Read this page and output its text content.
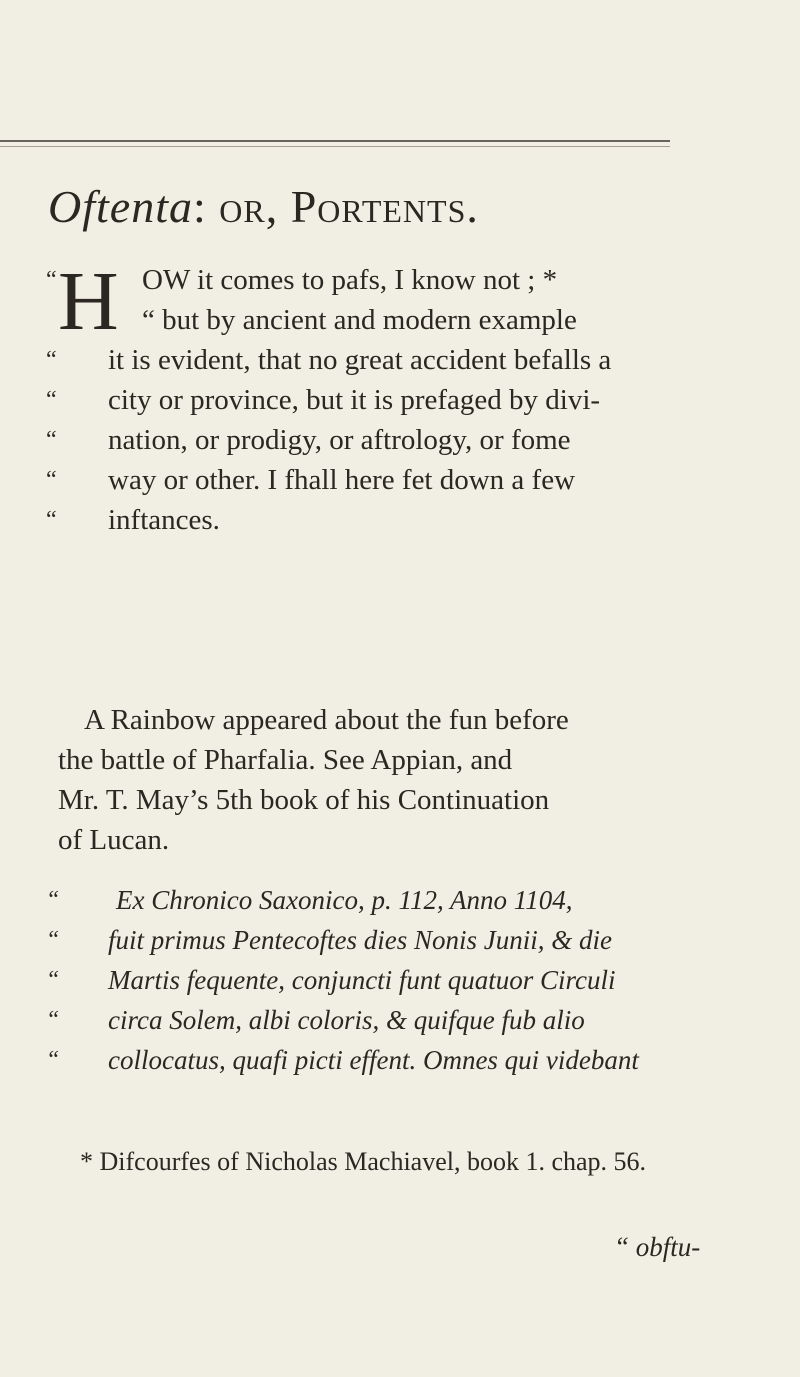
Oftenta: or, Portents.
H
“	OW it comes to pafs, I know not ; *
“ but by ancient and modern example
“ it is evident, that no great accident befalls a
“ city or province, but it is prefaged by divi-
“ nation, or prodigy, or aftrology, or fome
“ way or other. I fhall here fet down a few
“ inftances.
A Rainbow appeared about the fun before
the battle of Pharfalia. See Appian, and
Mr. T. May’s 5th book of his Continuation
of Lucan.
“ Ex Chronico Saxonico, p. 112, Anno 1104,
“ fuit primus Pentecoftes dies Nonis Junii, & die
“ Martis fequente, conjuncti funt quatuor Circuli
“ circa Solem, albi coloris, & quifque fub alio
“ collocatus, quafi picti effent. Omnes qui videbant
* Difcourfes of Nicholas Machiavel, book 1. chap. 56.
“ obftu-
